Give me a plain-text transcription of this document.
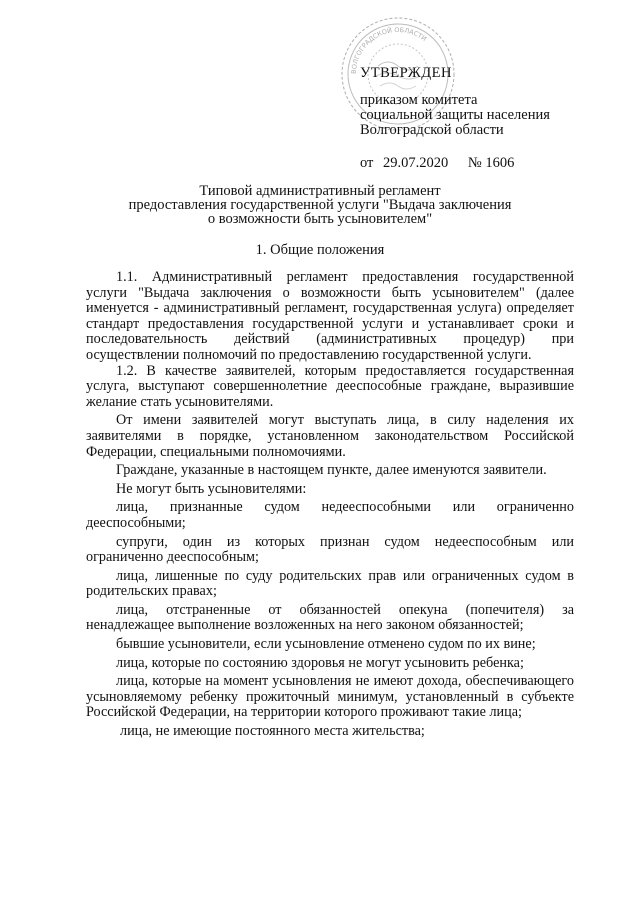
ВОЛГОГРАДСКОЙ ОБЛАСТИ
УТВЕРЖДЕН
приказом комитета
социальной защиты населения
Волгоградской области
от 29.07.2020 № 1606
Типовой административный регламент
предоставления государственной услуги "Выдача заключения
о возможности быть усыновителем"
1. Общие положения

1.1. Административный регламент предоставления государственной услуги "Выдача заключения о возможности быть усыновителем" (далее именуется - административный регламент, государственная услуга) определяет стандарт предоставления государственной услуги и устанавливает сроки и последовательность действий (административных процедур) при осуществлении полномочий по предоставлению государственной услуги.

1.2. В качестве заявителей, которым предоставляется государственная услуга, выступают совершеннолетние дееспособные граждане, выразившие желание стать усыновителями.

От имени заявителей могут выступать лица, в силу наделения их заявителями в порядке, установленном законодательством Российской Федерации, специальными полномочиями.

Граждане, указанные в настоящем пункте, далее именуются заявители.

Не могут быть усыновителями:

лица, признанные судом недееспособными или ограниченно дееспособными;

супруги, один из которых признан судом недееспособным или ограниченно дееспособным;

лица, лишенные по суду родительских прав или ограниченных судом в родительских правах;

лица, отстраненные от обязанностей опекуна (попечителя) за ненадлежащее выполнение возложенных на него законом обязанностей;

бывшие усыновители, если усыновление отменено судом по их вине;

лица, которые по состоянию здоровья не могут усыновить ребенка;

лица, которые на момент усыновления не имеют дохода, обеспечивающего усыновляемому ребенку прожиточный минимум, установленный в субъекте Российской Федерации, на территории которого проживают такие лица;

лица, не имеющие постоянного места жительства;
